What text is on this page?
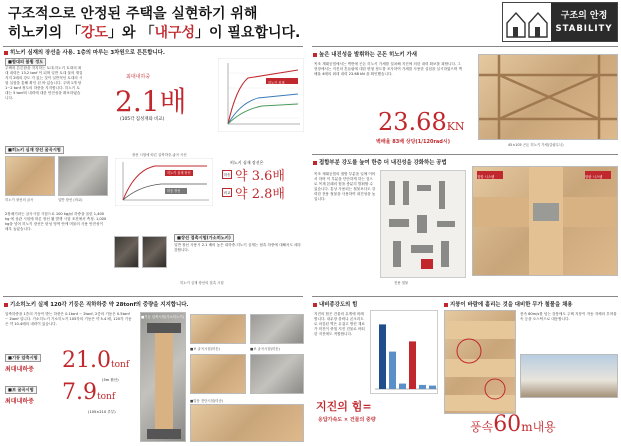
구조적으로 안정된 주택을 실현하기 위해
히노키의 「강도」와 「내구성」이 필요합니다.
구조의 안정
STABILITY
히노키 심재의 장선을 사용. 1층의 마루는 3차원으로 튼튼합니다.
■합대의 불휨 정도
주택의 튼튼함을 지지하는 토대.히노키 토대의 최대 내력은 13.2 tonf 이 되며 일반 토대 물의 재질 지지 2배의 강도 가 있는 것이 일반적인 토대의 시험 실험을 통해 확인 된 바 있습니다. 주택 1개 당 1~2 tonf 정도의 하중을 지지합니다. 히노키 토대는 5 tonf의 내력에 대한 안전성을 확보하였습니다.
최대내하중
2.1배
(105각 집성재와 비교)
히노키 심재
■히노키 심재 장선 굴곡시험
히노키 장선의 굴곡	일반 장선 (비교)
장선 시험에 따른 압축하중-굽곡 곡선
히노키 심재 장선
미송 장선
히노키 심재 장선은
미송 약 3.6배
비교 약 2.8배
2장매기라는 굴곡시험 시험으로 100 kg/㎡ 하중을 올린 1,400 kg 에 상관 시험에 따른 장선 휨 발생 시험 조건에서 측정. 1,000 kg을 넘어 히노키 장선은 탄성 영역 안에 머물러 사용 안전성이 매우 높았습니다.
■장선 접촉시험(가소히노키)
일반 장선 사용시 2.1 배의 높은 내하중.히노키 심재는 접촉 하중에 대해서도 매우 강합니다.
히노키 심재 장선의 접촉 시험
높은 내진성을 발휘하는 곤돈 히노키 가새
목조 재래공법에서는 벽면에 곤돈 히노키 가새를 설치해 지진에 의한 내력 확보를 꾀합니다. 그 현장에서는 지진의 흔들림에 대한 변형 정도를 조사하여 가새를 사용한 실험을 실시하였으며 벽배율 4배의 최대 내력 23.68 kN 을 확인했습니다.
23.68KN
벽배율 83배 상당(1/120rad시)	45×105 곤돈 히노키 가새(갈림무늬)
접합부분 강도를 높여 한층 더 내진성을 강화하는 공법
목조 재래공법의 접합 부분을 일체 이어서 하며 이 부분을 단단하게 하는 것으로 목재 본래의 힘을 충분히 발휘할 수 있습니다. 통상 사용되는 철물보다도 강력한 전용 철물을 사용하여 내진성을 높입니다.
전용 철물
접합 시스템	합판 시스템
기소히노키 실제 120각 기둥은 직하하중 약 28tonf의 중량을 지지합니다.
압축하중을 1층의 기둥이 받는 하중은 0.1tonf ~ 2tonf, 2층의 기둥은 0.5tonf ~ 1tonf 입니다. 기소히노키 기소히노키 105각의 기둥은 약 5.4 배, 120각 기둥은 약 10.4배의 내력이 있습니다.
■기둥 압축시험
최대내하중 21.0tonf
(3m 환산)
■보 굴곡시험
최대내하중 7.9tonf
(105×210 루부)
■기둥 압축시험(가소히노키)
■보 굴곡시험(미송)	■보 굴곡시험(미송)
■말음 전단시험(미송)
내비종강도의 힘
지진의 힘은 건물의 무게에 비례합니다. 내무장 블럭나 콘크리트로 마감된 벽은 무겁고 방진 재료가 미진이 중첩 지진 건물로 어떠한 지진에도 적합합니다.
지진의 힘=
응답가속도 × 건물의 중량
지붕이 바람에 흘리는 것을 대비한 무가 철물을 채용
풍속 60m/s를 넘는 강풍에도 주택 지붕이 자동 자체의 부착물 속 등을 오스틱으로 대응합니다.
풍속60m내용
